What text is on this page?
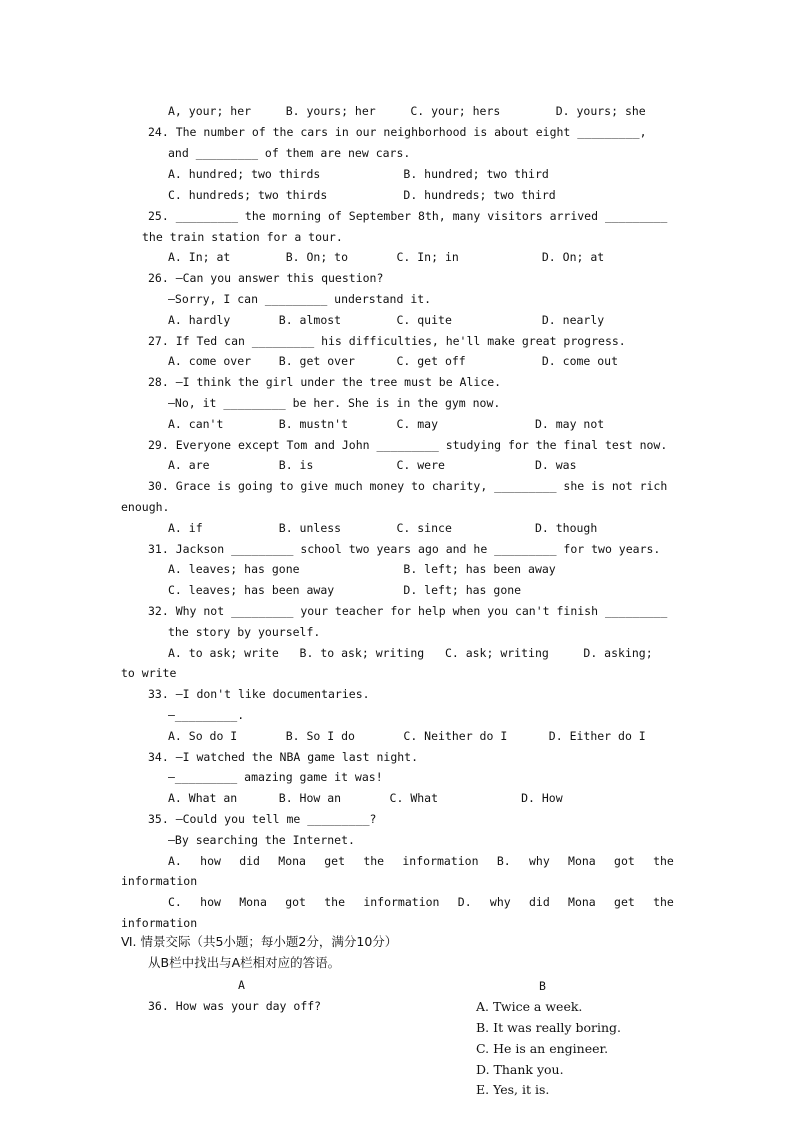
A, your; her     B. yours; her     C. your; hers        D. yours; she
24. The number of the cars in our neighborhood is about eight _________,
and _________ of them are new cars.
A. hundred; two thirds            B. hundred; two third
C. hundreds; two thirds           D. hundreds; two third
25. _________ the morning of September 8th, many visitors arrived _________
the train station for a tour.
A. In; at        B. On; to       C. In; in            D. On; at
26. —Can you answer this question?
—Sorry, I can _________ understand it.
A. hardly       B. almost        C. quite             D. nearly
27. If Ted can _________ his difficulties, he'll make great progress.
A. come over    B. get over      C. get off           D. come out
28. —I think the girl under the tree must be Alice.
—No, it _________ be her. She is in the gym now.
A. can't        B. mustn't       C. may              D. may not
29. Everyone except Tom and John _________ studying for the final test now.
A. are          B. is            C. were             D. was
30. Grace is going to give much money to charity, _________ she is not rich
enough.
A. if           B. unless        C. since            D. though
31. Jackson _________ school two years ago and he _________ for two years.
A. leaves; has gone               B. left; has been away
C. leaves; has been away          D. left; has gone
32. Why not _________ your teacher for help when you can't finish _________
the story by yourself.
A. to ask; write   B. to ask; writing   C. ask; writing     D. asking;
to write
33. —I don't like documentaries.
—_________.
A. So do I       B. So I do       C. Neither do I      D. Either do I
34. —I watched the NBA game last night.
—_________ amazing game it was!
A. What an      B. How an       C. What            D. How
35. —Could you tell me _________?
—By searching the Internet.
A. how did Mona get the information B. why Mona got the
information
C. how Mona got the information D. why did Mona get the
information
Ⅵ. 情景交际（共5小题；每小题2分，满分10分）
从B栏中找出与A栏相对应的答语。
A	B
36. How was your day off?	A. Twice a week.
B. It was really boring.
C. He is an engineer.
D. Thank you.
E. Yes, it is.
